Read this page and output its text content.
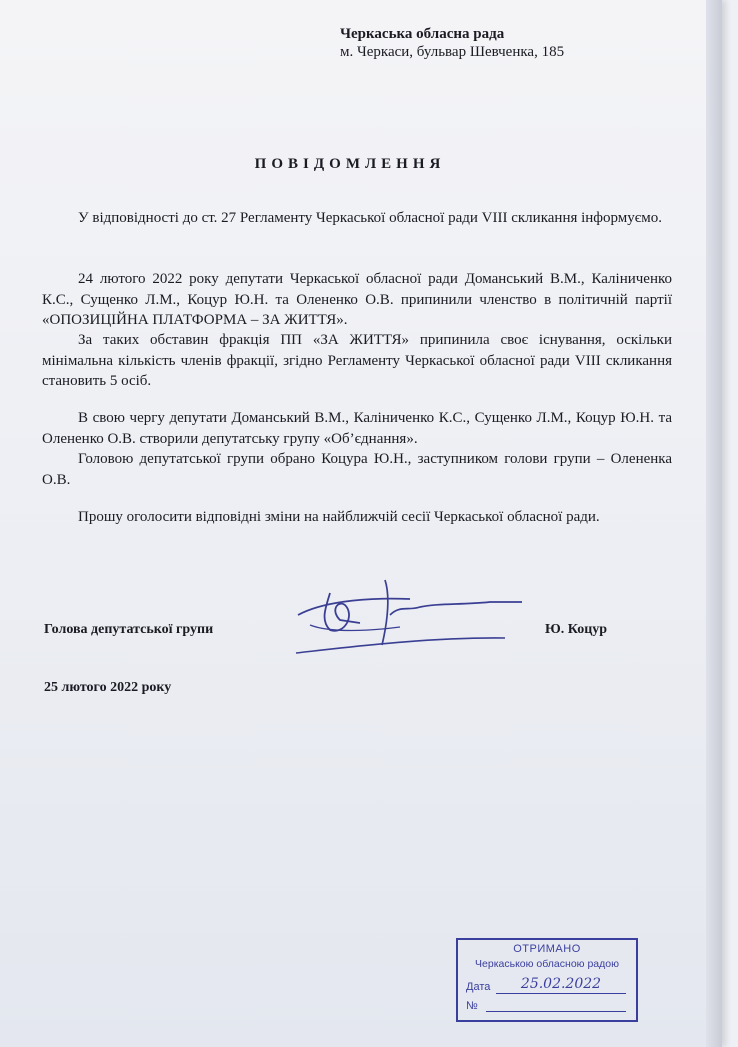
Черкаська обласна рада
м. Черкаси, бульвар Шевченка, 185
ПОВІДОМЛЕННЯ

У відповідності до ст. 27 Регламенту Черкаської обласної ради VIII скликання інформуємо.

24 лютого 2022 року депутати Черкаської обласної ради Доманський В.М., Каліниченко К.С., Сущенко Л.М., Коцур Ю.Н. та Олененко О.В. припинили членство в політичній партії «ОПОЗИЦІЙНА ПЛАТФОРМА – ЗА ЖИТТЯ».

За таких обставин фракція ПП «ЗА ЖИТТЯ» припинила своє існування, оскільки мінімальна кількість членів фракції, згідно Регламенту Черкаської обласної ради VIII скликання становить 5 осіб.

В свою чергу депутати Доманський В.М., Каліниченко К.С., Сущенко Л.М., Коцур Ю.Н. та Олененко О.В. створили депутатську групу «Об’єднання».

Головою депутатської групи обрано Коцура Ю.Н., заступником голови групи – Олененка О.В.

Прошу оголосити відповідні зміни на найближчій сесії Черкаської обласної ради.

Голова депутатської групи	Ю. Коцур
25 лютого 2022 року
ОТРИМАНО
Черкаською обласною радою
Дата	25.02.2022
№
